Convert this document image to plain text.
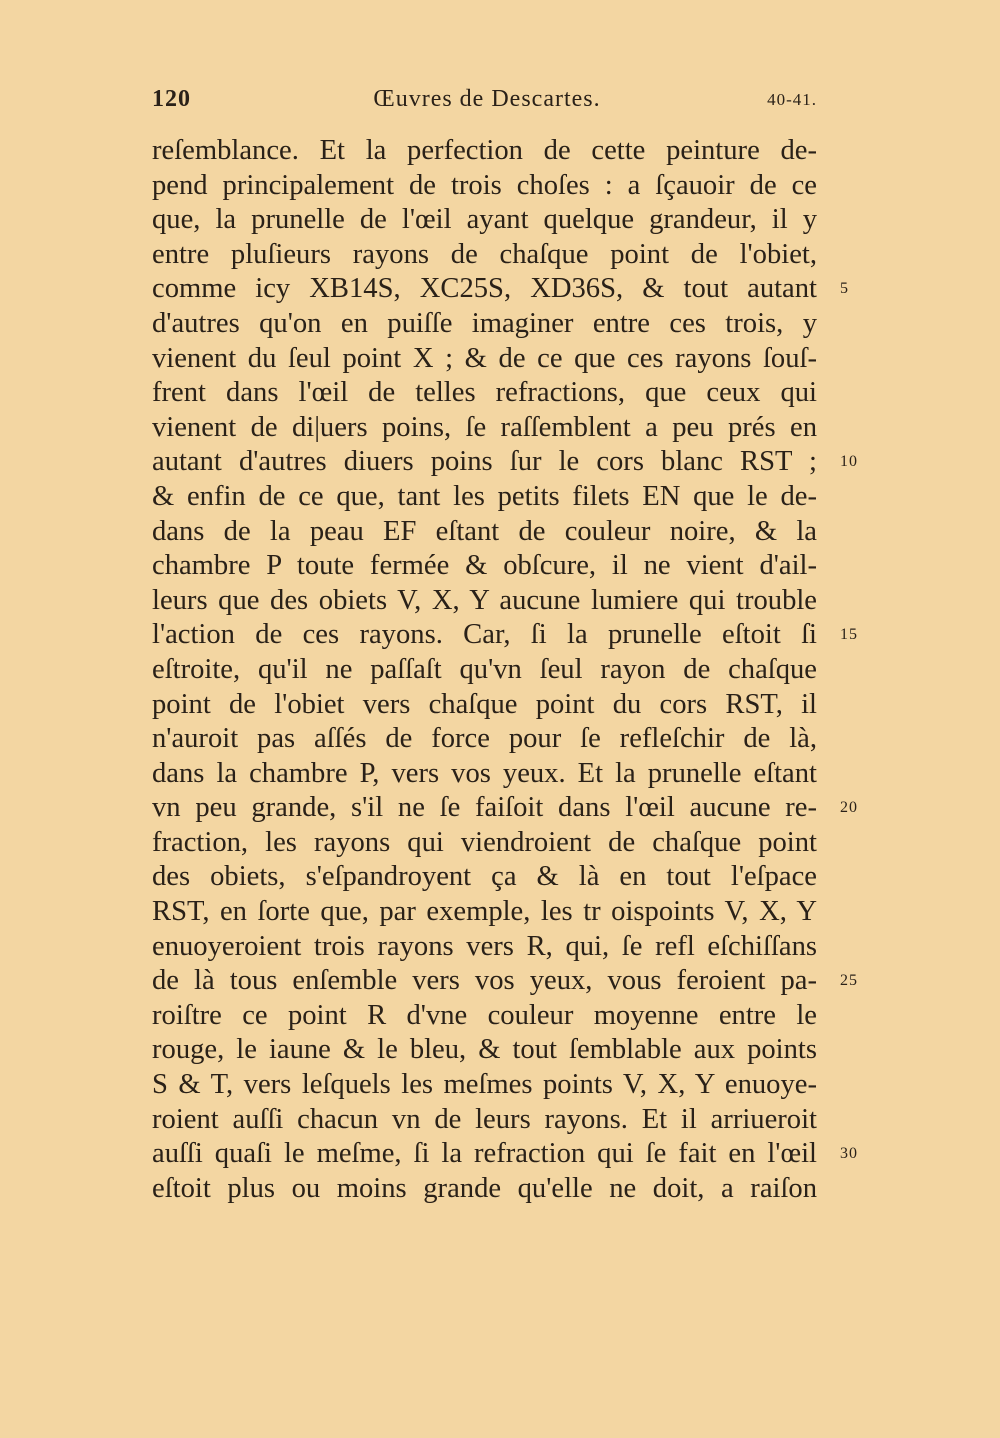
120	Œuvres de Descartes.	40-41.
reſemblance. Et la perfection de cette peinture de-
pend principalement de trois choſes : a ſçauoir de ce
que, la prunelle de l'œil ayant quelque grandeur, il y
entre pluſieurs rayons de chaſque point de l'obiet,
comme icy XB14S, XC25S, XD36S, & tout autant 5
d'autres qu'on en puiſſe imaginer entre ces trois, y
vienent du ſeul point X ; & de ce que ces rayons ſouſ-
frent dans l'œil de telles refractions, que ceux qui
vienent de di|uers poins, ſe raſſemblent a peu prés en
autant d'autres diuers poins ſur le cors blanc RST ; 10
& enfin de ce que, tant les petits filets EN que le de-
dans de la peau EF eſtant de couleur noire, & la
chambre P toute fermée & obſcure, il ne vient d'ail-
leurs que des obiets V, X, Y aucune lumiere qui trouble
l'action de ces rayons. Car, ſi la prunelle eſtoit ſi 15
eſtroite, qu'il ne paſſaſt qu'vn ſeul rayon de chaſque
point de l'obiet vers chaſque point du cors RST, il
n'auroit pas aſſés de force pour ſe refleſchir de là,
dans la chambre P, vers vos yeux. Et la prunelle eſtant
vn peu grande, s'il ne ſe faiſoit dans l'œil aucune re- 20
fraction, les rayons qui viendroient de chaſque point
des obiets, s'eſpandroyent ça & là en tout l'eſpace
RST, en ſorte que, par exemple, les tr oispoints V, X, Y
enuoyeroient trois rayons vers R, qui, ſe refl eſchiſſans
de là tous enſemble vers vos yeux, vous feroient pa- 25
roiſtre ce point R d'vne couleur moyenne entre le
rouge, le iaune & le bleu, & tout ſemblable aux points
S & T, vers leſquels les meſmes points V, X, Y enuoye-
roient auſſi chacun vn de leurs rayons. Et il arriueroit
auſſi quaſi le meſme, ſi la refraction qui ſe fait en l'œil 30
eſtoit plus ou moins grande qu'elle ne doit, a raiſon
